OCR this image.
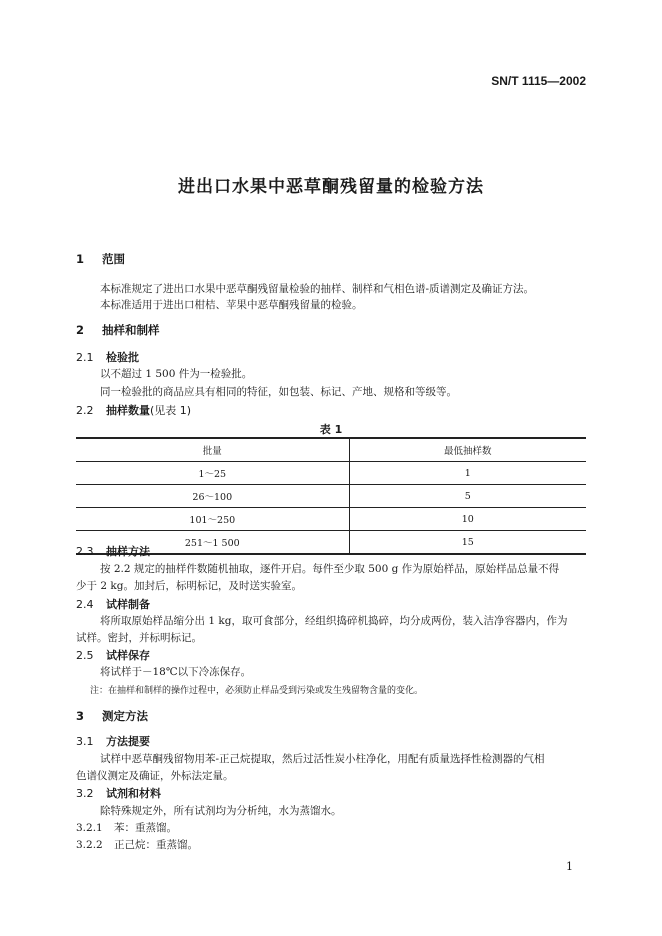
SN/T 1115—2002
进出口水果中恶草酮残留量的检验方法
1 范围
本标准规定了进出口水果中恶草酮残留量检验的抽样、制样和气相色谱-质谱测定及确证方法。
本标准适用于进出口柑桔、苹果中恶草酮残留量的检验。
2 抽样和制样
2.1 检验批
以不超过 1 500 件为一检验批。
同一检验批的商品应具有相同的特征，如包装、标记、产地、规格和等级等。
2.2 抽样数量(见表 1)
表 1
批量	最低抽样数
1～25	1
26～100	5
101～250	10
251～1 500	15
2.3 抽样方法
按 2.2 规定的抽样件数随机抽取，逐件开启。每件至少取 500 g 作为原始样品，原始样品总量不得
少于 2 kg。加封后，标明标记，及时送实验室。
2.4 试样制备
将所取原始样品缩分出 1 kg，取可食部分，经组织捣碎机捣碎，均分成两份，装入洁净容器内，作为
试样。密封，并标明标记。
2.5 试样保存
将试样于－18℃以下冷冻保存。
注：在抽样和制样的操作过程中，必须防止样品受到污染或发生残留物含量的变化。
3 测定方法
3.1 方法提要
试样中恶草酮残留物用苯-正己烷提取，然后过活性炭小柱净化，用配有质量选择性检测器的气相
色谱仪测定及确证，外标法定量。
3.2 试剂和材料
除特殊规定外，所有试剂均为分析纯，水为蒸馏水。
3.2.1 苯：重蒸馏。
3.2.2 正己烷：重蒸馏。
1
